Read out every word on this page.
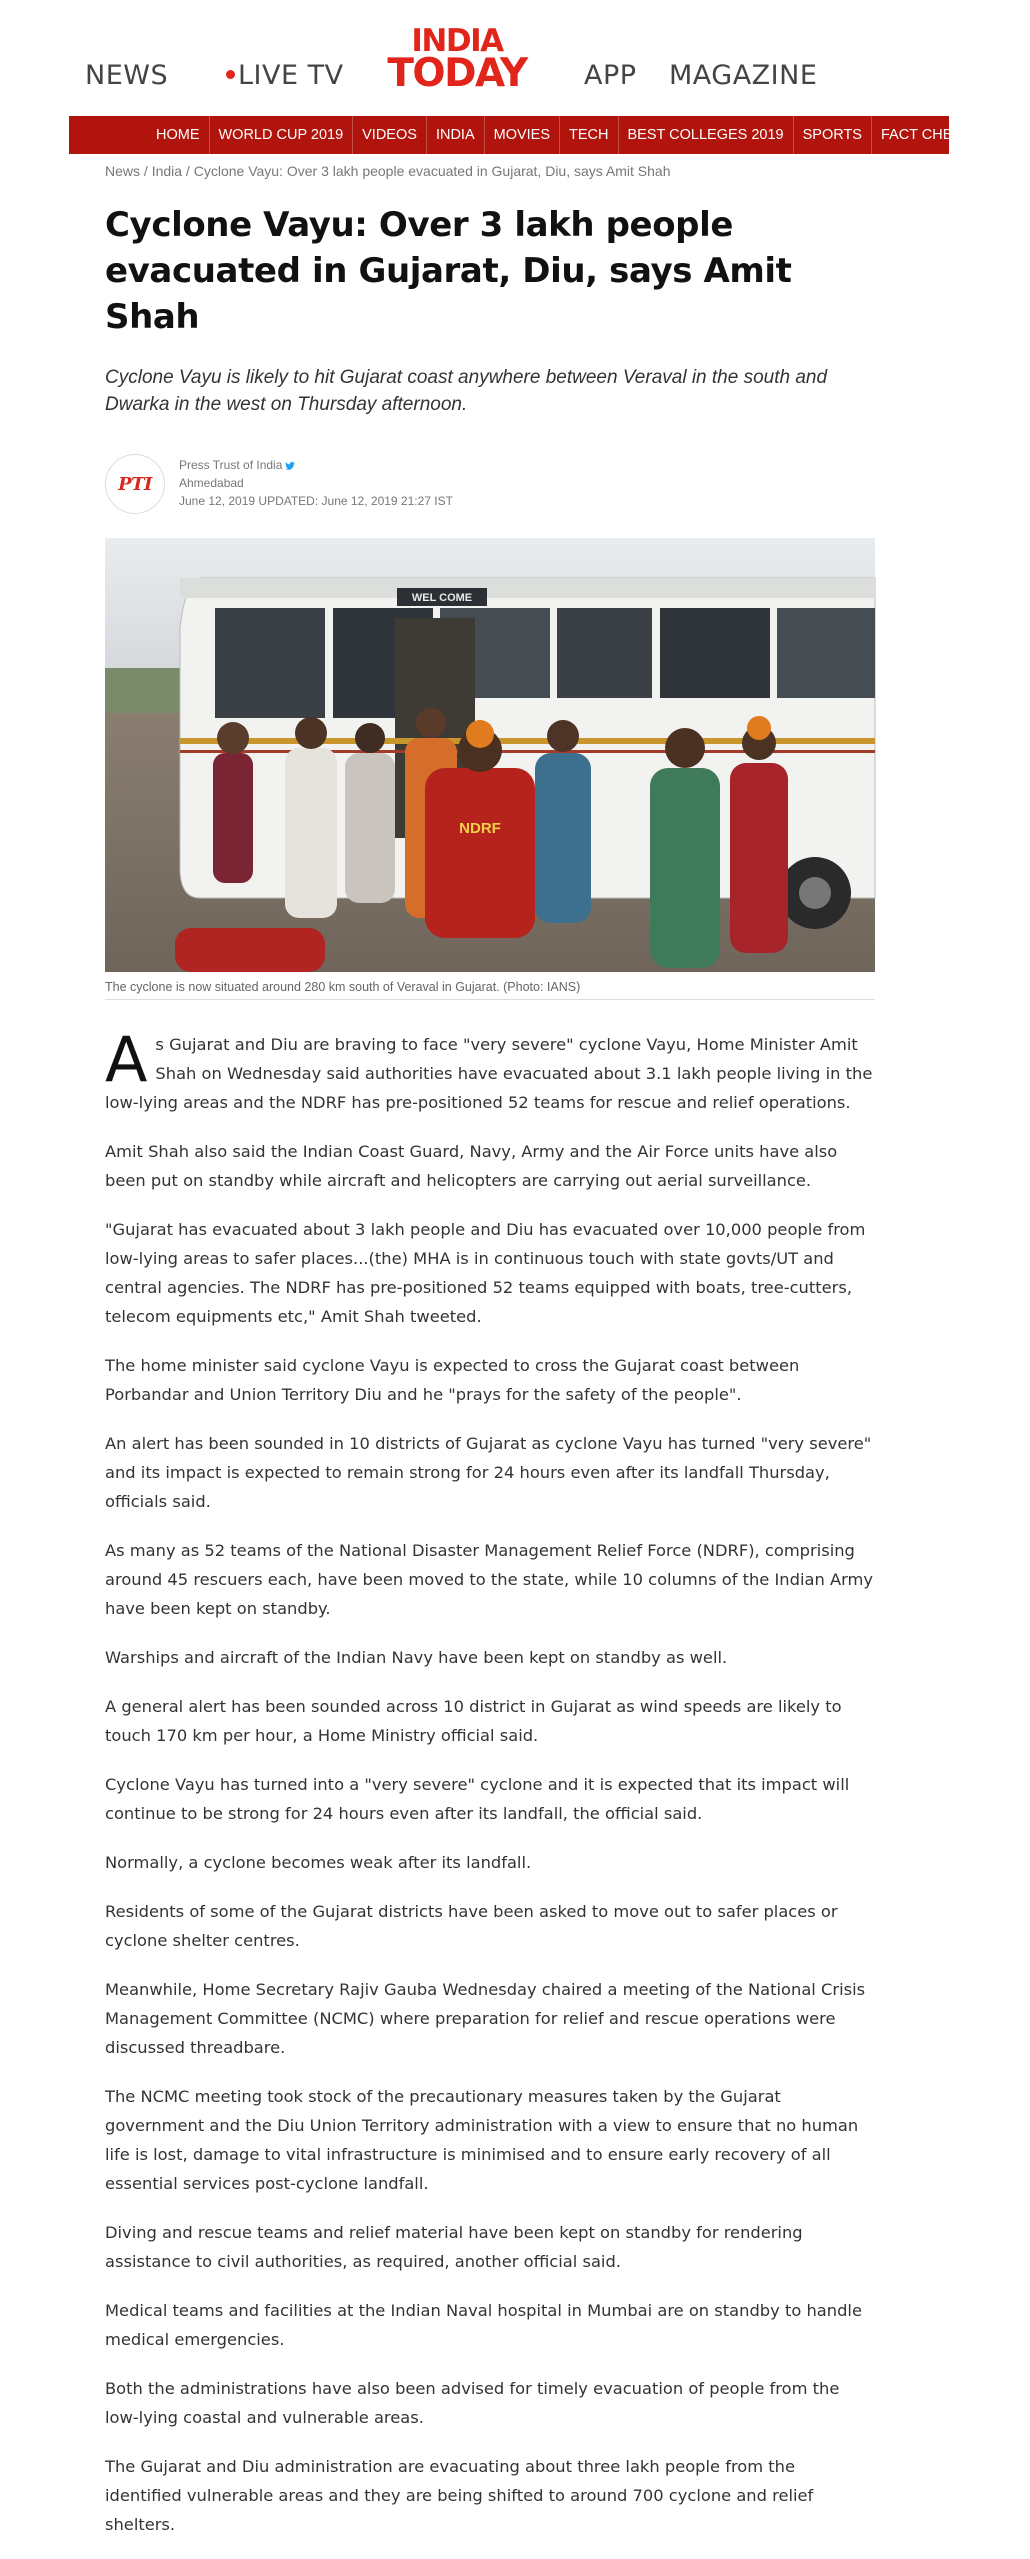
NEWS	LIVE TV
INDIA
TODAY APP MAGAZINE
HOME	WORLD CUP 2019	VIDEOS	INDIA	MOVIES	TECH	BEST COLLEGES 2019	SPORTS	FACT CHECK	TRE
News / India / Cyclone Vayu: Over 3 lakh people evacuated in Gujarat, Diu, says Amit Shah
Cyclone Vayu: Over 3 lakh people evacuated in Gujarat, Diu, says Amit Shah

Cyclone Vayu is likely to hit Gujarat coast anywhere between Veraval in the south and Dwarka in the west on Thursday afternoon.

PTI
Press Trust of India
Ahmedabad
June 12, 2019 UPDATED: June 12, 2019 21:27 IST
WEL COME
NDRF
The cyclone is now situated around 280 km south of Veraval in Gujarat. (Photo: IANS)

As Gujarat and Diu are braving to face "very severe" cyclone Vayu, Home Minister Amit Shah on Wednesday said authorities have evacuated about 3.1 lakh people living in the low-lying areas and the NDRF has pre-positioned 52 teams for rescue and relief operations.

Amit Shah also said the Indian Coast Guard, Navy, Army and the Air Force units have also been put on standby while aircraft and helicopters are carrying out aerial surveillance.

"Gujarat has evacuated about 3 lakh people and Diu has evacuated over 10,000 people from low-lying areas to safer places...(the) MHA is in continuous touch with state govts/UT and central agencies. The NDRF has pre-positioned 52 teams equipped with boats, tree-cutters, telecom equipments etc," Amit Shah tweeted.

The home minister said cyclone Vayu is expected to cross the Gujarat coast between Porbandar and Union Territory Diu and he "prays for the safety of the people".

An alert has been sounded in 10 districts of Gujarat as cyclone Vayu has turned "very severe" and its impact is expected to remain strong for 24 hours even after its landfall Thursday, officials said.

As many as 52 teams of the National Disaster Management Relief Force (NDRF), comprising around 45 rescuers each, have been moved to the state, while 10 columns of the Indian Army have been kept on standby.

Warships and aircraft of the Indian Navy have been kept on standby as well.

A general alert has been sounded across 10 district in Gujarat as wind speeds are likely to touch 170 km per hour, a Home Ministry official said.

Cyclone Vayu has turned into a "very severe" cyclone and it is expected that its impact will continue to be strong for 24 hours even after its landfall, the official said.

Normally, a cyclone becomes weak after its landfall.

Residents of some of the Gujarat districts have been asked to move out to safer places or cyclone shelter centres.

Meanwhile, Home Secretary Rajiv Gauba Wednesday chaired a meeting of the National Crisis Management Committee (NCMC) where preparation for relief and rescue operations were discussed threadbare.

The NCMC meeting took stock of the precautionary measures taken by the Gujarat government and the Diu Union Territory administration with a view to ensure that no human life is lost, damage to vital infrastructure is minimised and to ensure early recovery of all essential services post-cyclone landfall.

Diving and rescue teams and relief material have been kept on standby for rendering assistance to civil authorities, as required, another official said.

Medical teams and facilities at the Indian Naval hospital in Mumbai are on standby to handle medical emergencies.

Both the administrations have also been advised for timely evacuation of people from the low-lying coastal and vulnerable areas.

The Gujarat and Diu administration are evacuating about three lakh people from the identified vulnerable areas and they are being shifted to around 700 cyclone and relief shelters.
